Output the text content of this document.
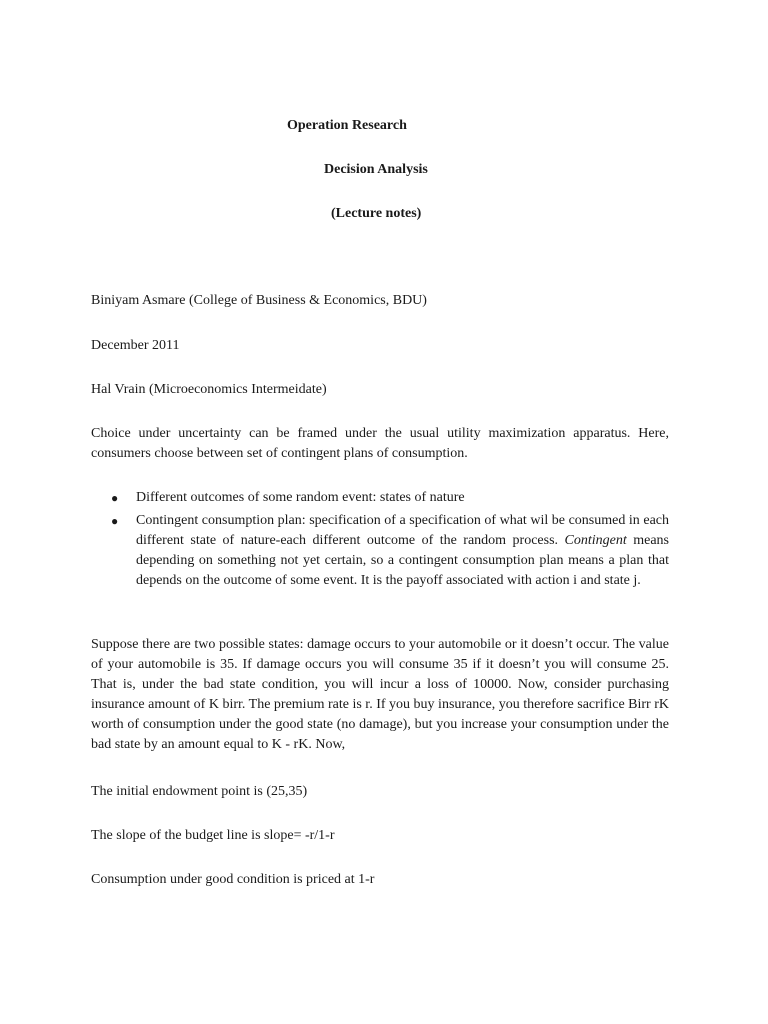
Operation Research
Decision Analysis
(Lecture notes)

Biniyam Asmare (College of Business & Economics, BDU)

December 2011

Hal Vrain (Microeconomics Intermeidate)

Choice under uncertainty can be framed under the usual utility maximization apparatus. Here, consumers choose between set of contingent plans of consumption.

● Different outcomes of some random event: states of nature
● Contingent consumption plan: specification of a specification of what wil be consumed in each different state of nature-each different outcome of the random process. Contingent means depending on something not yet certain, so a contingent consumption plan means a plan that depends on the outcome of some event. It is the payoff associated with action i and state j.

Suppose there are two possible states: damage occurs to your automobile or it doesn’t occur. The value of your automobile is 35. If damage occurs you will consume 35 if it doesn’t you will consume 25. That is, under the bad state condition, you will incur a loss of 10000. Now, consider purchasing insurance amount of K birr. The premium rate is r. If you buy insurance, you therefore sacrifice Birr rK worth of consumption under the good state (no damage), but you increase your consumption under the bad state by an amount equal to K - rK. Now,

The initial endowment point is (25,35)

The slope of the budget line is slope= -r/1-r

Consumption under good condition is priced at 1-r
